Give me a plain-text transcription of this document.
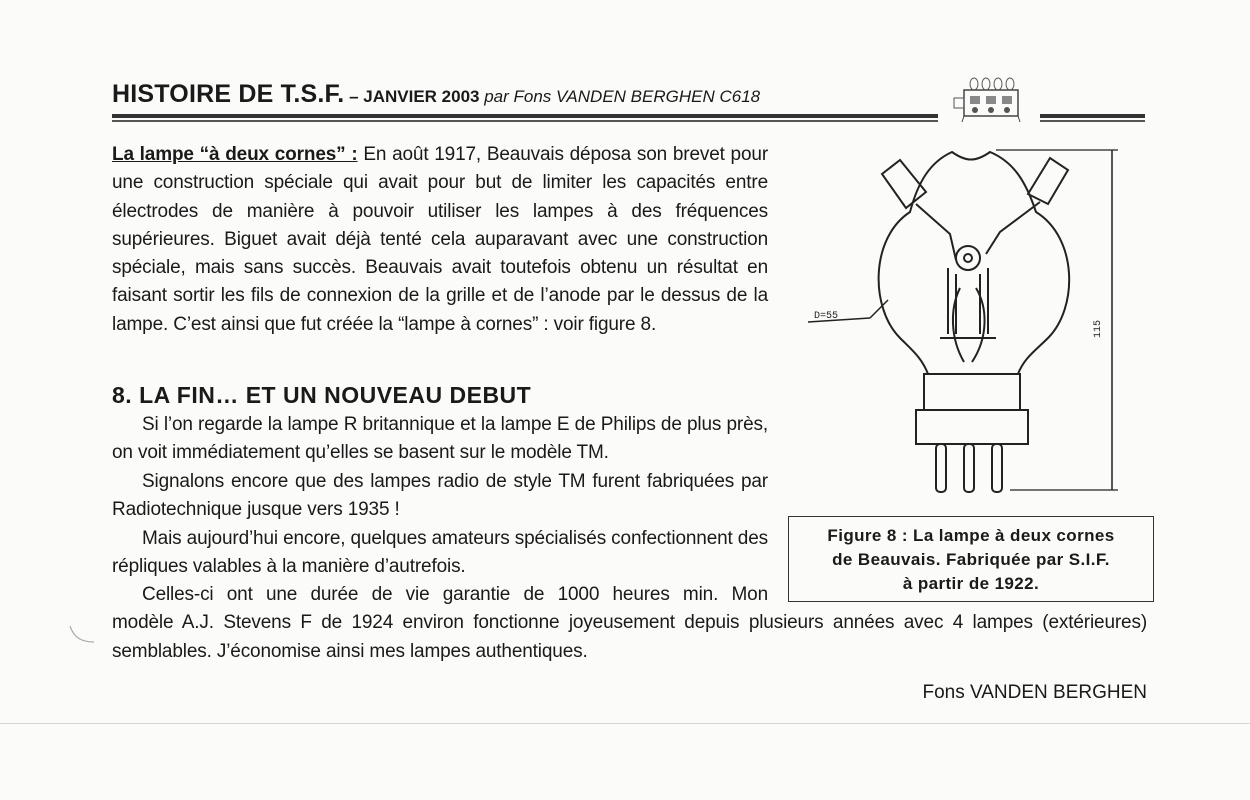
HISTOIRE DE T.S.F. – JANVIER 2003 par Fons VANDEN BERGHEN C618
La lampe “à deux cornes” : En août 1917, Beauvais déposa son brevet pour une construction spéciale qui avait pour but de limiter les capacités entre électrodes de manière à pouvoir utiliser les lampes à des fréquences supérieures. Biguet avait déjà tenté cela auparavant avec une construction spéciale, mais sans succès. Beauvais avait toutefois obtenu un résultat en faisant sortir les fils de connexion de la grille et de l’anode par le dessus de la lampe. C’est ainsi que fut créée la “lampe à cornes” : voir figure 8.
8. LA FIN… ET UN NOUVEAU DEBUT

Si l’on regarde la lampe R britannique et la lampe E de Philips de plus près, on voit immédiatement qu’elles se basent sur le modèle TM.

Signalons encore que des lampes radio de style TM furent fabriquées par Radiotechnique jusque vers 1935 !

Mais aujourd’hui encore, quelques amateurs spécialisés confectionnent des répliques valables à la manière d’autrefois.

Celles-ci ont une durée de vie garantie de 1000 heures min. Mon
modèle A.J. Stevens F de 1924 environ fonctionne joyeusement depuis plusieurs années avec 4 lampes (extérieures) semblables. J’économise ainsi mes lampes authentiques.
Fons VANDEN BERGHEN
D=55
115
Figure 8 : La lampe à deux cornes
de Beauvais. Fabriquée par S.I.F.
à partir de 1922.
